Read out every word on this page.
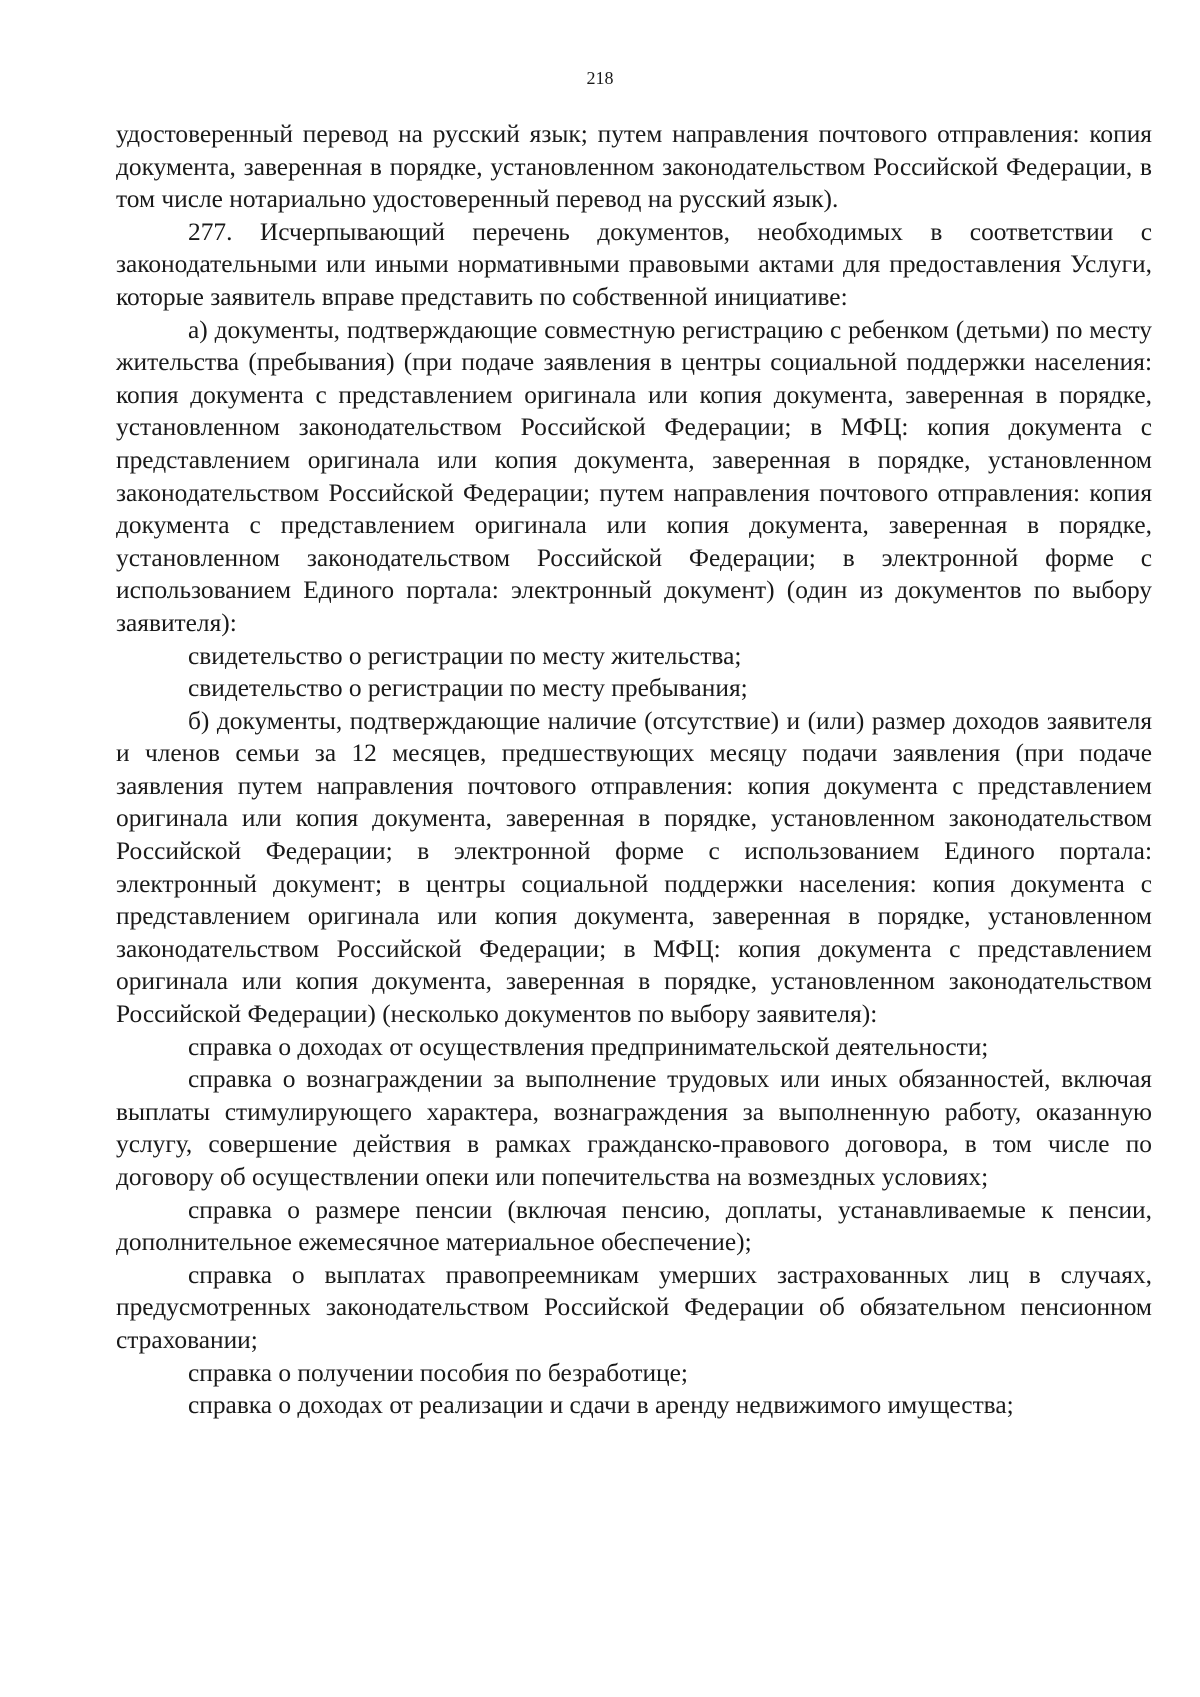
218

удостоверенный перевод на русский язык; путем направления почтового отправления: копия документа, заверенная в порядке, установленном законодательством Российской Федерации, в том числе нотариально удостоверенный перевод на русский язык).

277. Исчерпывающий перечень документов, необходимых в соответствии с законодательными или иными нормативными правовыми актами для предоставления Услуги, которые заявитель вправе представить по собственной инициативе:

а) документы, подтверждающие совместную регистрацию с ребенком (детьми) по месту жительства (пребывания) (при подаче заявления в центры социальной поддержки населения: копия документа с представлением оригинала или копия документа, заверенная в порядке, установленном законодательством Российской Федерации; в МФЦ: копия документа с представлением оригинала или копия документа, заверенная в порядке, установленном законодательством Российской Федерации; путем направления почтового отправления: копия документа с представлением оригинала или копия документа, заверенная в порядке, установленном законодательством Российской Федерации; в электронной форме с использованием Единого портала: электронный документ) (один из документов по выбору заявителя):

свидетельство о регистрации по месту жительства;

свидетельство о регистрации по месту пребывания;

б) документы, подтверждающие наличие (отсутствие) и (или) размер доходов заявителя и членов семьи за 12 месяцев, предшествующих месяцу подачи заявления (при подаче заявления путем направления почтового отправления: копия документа с представлением оригинала или копия документа, заверенная в порядке, установленном законодательством Российской Федерации; в электронной форме с использованием Единого портала: электронный документ; в центры социальной поддержки населения: копия документа с представлением оригинала или копия документа, заверенная в порядке, установленном законодательством Российской Федерации; в МФЦ: копия документа с представлением оригинала или копия документа, заверенная в порядке, установленном законодательством Российской Федерации) (несколько документов по выбору заявителя):

справка о доходах от осуществления предпринимательской деятельности;

справка о вознаграждении за выполнение трудовых или иных обязанностей, включая выплаты стимулирующего характера, вознаграждения за выполненную работу, оказанную услугу, совершение действия в рамках гражданско-правового договора, в том числе по договору об осуществлении опеки или попечительства на возмездных условиях;

справка о размере пенсии (включая пенсию, доплаты, устанавливаемые к пенсии, дополнительное ежемесячное материальное обеспечение);

справка о выплатах правопреемникам умерших застрахованных лиц в случаях, предусмотренных законодательством Российской Федерации об обязательном пенсионном страховании;

справка о получении пособия по безработице;

справка о доходах от реализации и сдачи в аренду недвижимого имущества;
